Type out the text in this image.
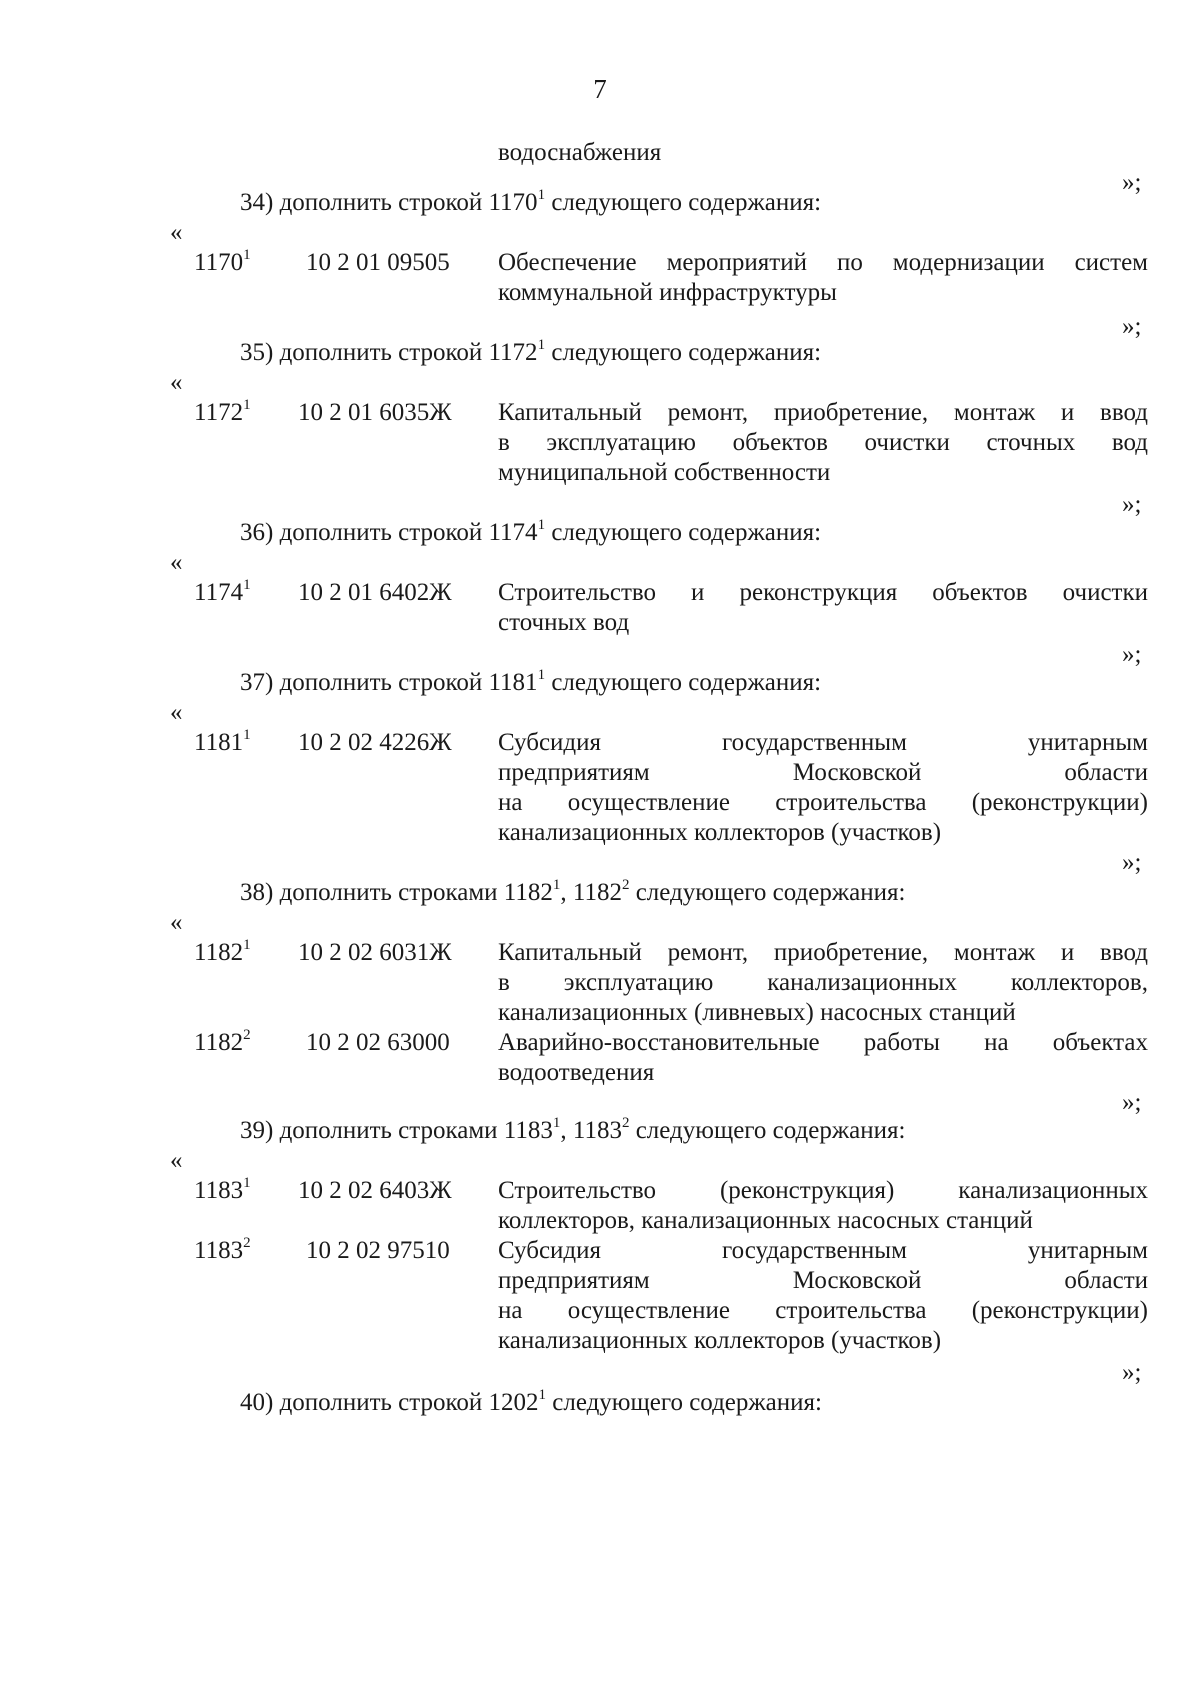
7
водоснабжения
»;
34) дополнить строкой 1170$^1$ следующего содержания:
«
1170$^1$ 10 2 01 09505	Обеспечение мероприятий по модернизации систем
коммунальной инфраструктуры
»;
35) дополнить строкой 1172$^1$ следующего содержания:
«
1172$^1$ 10 2 01 6035Ж	Капитальный ремонт, приобретение, монтаж и ввод
в эксплуатацию объектов очистки сточных вод
муниципальной собственности
»;
36) дополнить строкой 1174$^1$ следующего содержания:
«
1174$^1$ 10 2 01 6402Ж	Строительство и реконструкция объектов очистки
сточных вод
»;
37) дополнить строкой 1181$^1$ следующего содержания:
«
1181$^1$ 10 2 02 4226Ж	Субсидия государственным унитарным
предприятиям Московской области
на осуществление строительства (реконструкции)
канализационных коллекторов (участков)
»;
38) дополнить строками 1182$^1$, 1182$^2$ следующего содержания:
«
1182$^1$ 10 2 02 6031Ж	Капитальный ремонт, приобретение, монтаж и ввод
в эксплуатацию канализационных коллекторов,
канализационных (ливневых) насосных станций
1182$^2$ 10 2 02 63000	Аварийно-восстановительные работы на объектах
водоотведения
»;
39) дополнить строками 1183$^1$, 1183$^2$ следующего содержания:
«
1183$^1$ 10 2 02 6403Ж	Строительство (реконструкция) канализационных
коллекторов, канализационных насосных станций
1183$^2$ 10 2 02 97510	Субсидия государственным унитарным
предприятиям Московской области
на осуществление строительства (реконструкции)
канализационных коллекторов (участков)
»;
40) дополнить строкой 1202$^1$ следующего содержания:
